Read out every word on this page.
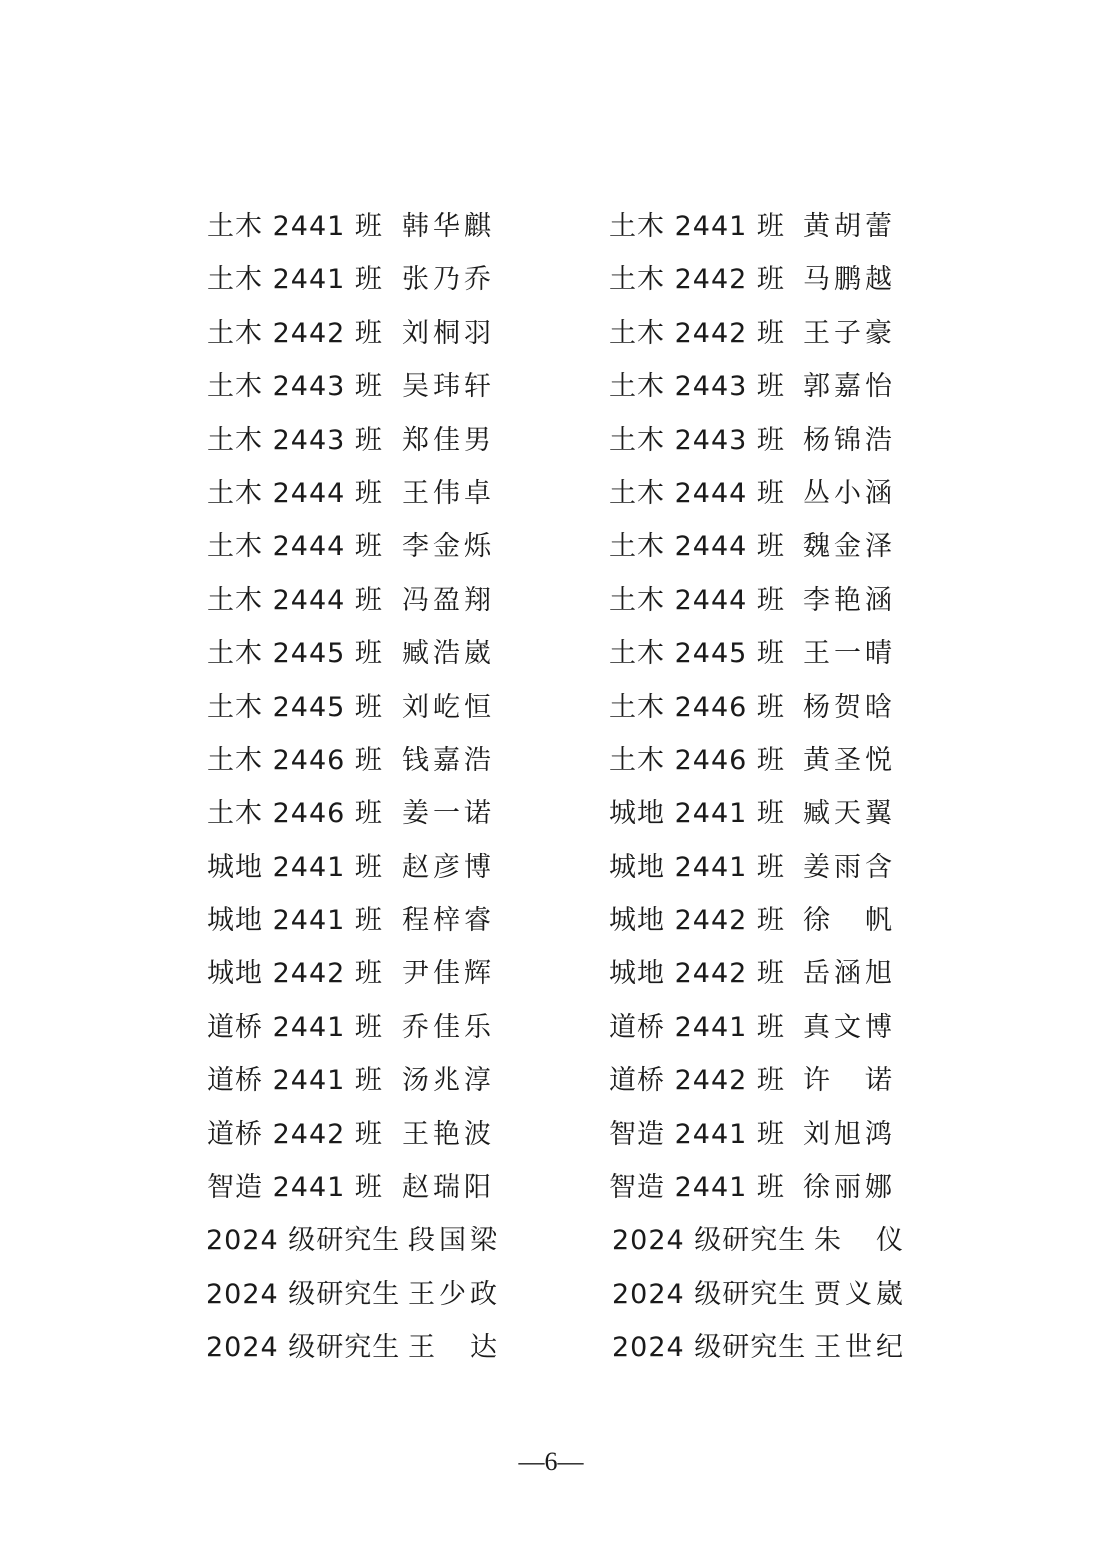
土木 2441 班 韩华麒	土木 2441 班 黄胡蕾
土木 2441 班 张乃乔	土木 2442 班 马鹏越
土木 2442 班 刘桐羽	土木 2442 班 王子豪
土木 2443 班 吴玮轩	土木 2443 班 郭嘉怡
土木 2443 班 郑佳男	土木 2443 班 杨锦浩
土木 2444 班 王伟卓	土木 2444 班 丛小涵
土木 2444 班 李金烁	土木 2444 班 魏金泽
土木 2444 班 冯盈翔	土木 2444 班 李艳涵
土木 2445 班 臧浩崴	土木 2445 班 王一晴
土木 2445 班 刘屹恒	土木 2446 班 杨贺晗
土木 2446 班 钱嘉浩	土木 2446 班 黄圣悦
土木 2446 班 姜一诺	城地 2441 班 臧天翼
城地 2441 班 赵彦博	城地 2441 班 姜雨含
城地 2441 班 程梓睿	城地 2442 班 徐　帆
城地 2442 班 尹佳辉	城地 2442 班 岳涵旭
道桥 2441 班 乔佳乐	道桥 2441 班 真文博
道桥 2441 班 汤兆淳	道桥 2442 班 许　诺
道桥 2442 班 王艳波	智造 2441 班 刘旭鸿
智造 2441 班 赵瑞阳	智造 2441 班 徐丽娜
2024 级研究生 段国梁	2024 级研究生 朱　仪
2024 级研究生 王少政	2024 级研究生 贾义崴
2024 级研究生 王　达	2024 级研究生 王世纪
—6—
